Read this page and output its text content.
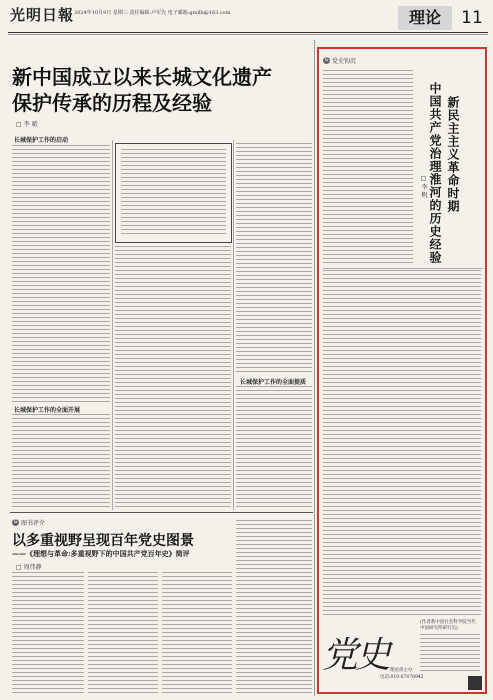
光明日報 2024年10月9日 星期三 责任编辑:卢军先 电子邮箱:gmllb@163.com	理论	11
新中国成立以来长城文化遗产
保护传承的历程及经验
□ 李 斌
长城保护工作的启动
长城保护工作的全面开展
长城保护工作的全面提质
G 图书评介
以多重视野呈现百年党史图景
——《理想与革命:多重视野下的中国共产党百年史》简评
□ 周伟静
G 党史钩沉
新民主主义革命时期
中国共产党治理淮河的历史经验
□ 李 帆
党史 理论部主办
电话:010-67078942
(作者系中国社会科学院当代中国研究所研究员)
